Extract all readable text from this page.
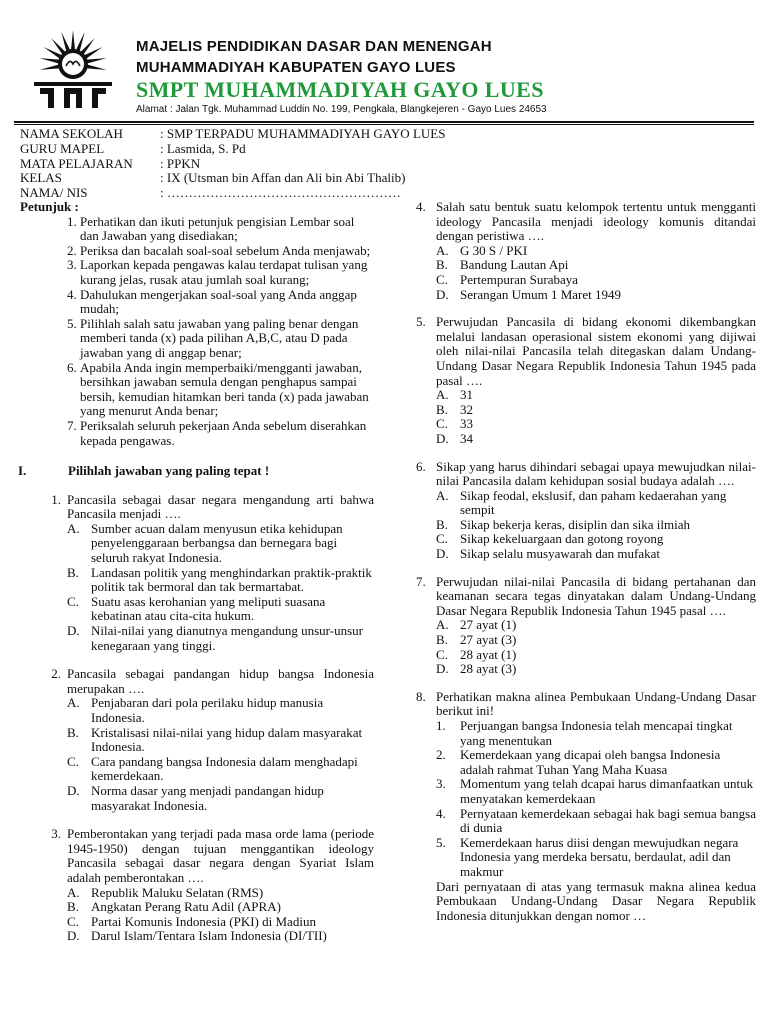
MAJELIS PENDIDIKAN DASAR DAN MENENGAH
MUHAMMADIYAH KABUPATEN GAYO LUES
SMPT MUHAMMADIYAH GAYO LUES
Alamat : Jalan Tgk. Muhammad Luddin No. 199, Pengkala, Blangkejeren - Gayo Lues 24653
NAMA SEKOLAH	: SMP TERPADU MUHAMMADIYAH GAYO LUES
GURU MAPEL	: Lasmida, S. Pd
MATA PELAJARAN	: PPKN
KELAS	: IX (Utsman bin Affan dan Ali bin Abi Thalib)
NAMA/ NIS	: ………………………………………………
Petunjuk :
1. Perhatikan dan ikuti petunjuk pengisian Lembar soal dan Jawaban yang disediakan;
2. Periksa dan bacalah soal-soal sebelum Anda menjawab;
3. Laporkan kepada pengawas kalau terdapat tulisan yang kurang jelas, rusak atau jumlah soal kurang;
4. Dahulukan mengerjakan soal-soal yang Anda anggap mudah;
5. Pilihlah salah satu jawaban yang paling benar dengan memberi tanda (x) pada pilihan A,B,C, atau D pada jawaban yang di anggap benar;
6. Apabila Anda ingin memperbaiki/mengganti jawaban, bersihkan jawaban semula dengan penghapus sampai bersih, kemudian hitamkan beri tanda (x) pada jawaban yang menurut Anda benar;
7. Periksalah seluruh pekerjaan Anda sebelum diserahkan kepada pengawas.
I.	Pilihlah jawaban yang paling tepat !
1. Pancasila sebagai dasar negara mengandung arti bahwa Pancasila menjadi ….
A. Sumber acuan dalam menyusun etika kehidupan penyelenggaraan berbangsa dan bernegara bagi seluruh rakyat Indonesia.
B. Landasan politik yang menghindarkan praktik-praktik politik tak bermoral dan tak bermartabat.
C. Suatu asas kerohanian yang meliputi suasana kebatinan atau cita-cita hukum.
D. Nilai-nilai yang dianutnya mengandung unsur-unsur kenegaraan yang tinggi.
2. Pancasila sebagai pandangan hidup bangsa Indonesia merupakan ….
A. Penjabaran dari pola perilaku hidup manusia Indonesia.
B. Kristalisasi nilai-nilai yang hidup dalam masyarakat Indonesia.
C. Cara pandang bangsa Indonesia dalam menghadapi kemerdekaan.
D. Norma dasar yang menjadi pandangan hidup masyarakat Indonesia.
3. Pemberontakan yang terjadi pada masa orde lama (periode 1945-1950) dengan tujuan menggantikan ideology Pancasila sebagai dasar negara dengan Syariat Islam adalah pemberontakan ….
A. Republik Maluku Selatan (RMS)
B. Angkatan Perang Ratu Adil (APRA)
C. Partai Komunis Indonesia (PKI) di Madiun
D. Darul Islam/Tentara Islam Indonesia (DI/TII)
4. Salah satu bentuk suatu kelompok tertentu untuk mengganti ideology Pancasila menjadi ideology komunis ditandai dengan peristiwa ….
A. G 30 S / PKI
B. Bandung Lautan Api
C. Pertempuran Surabaya
D. Serangan Umum 1 Maret 1949
5. Perwujudan Pancasila di bidang ekonomi dikembangkan melalui landasan operasional sistem ekonomi yang dijiwai oleh nilai-nilai Pancasila telah ditegaskan dalam Undang-Undang Dasar Negara Republik Indonesia Tahun 1945 pada pasal ….
A. 31
B. 32
C. 33
D. 34
6. Sikap yang harus dihindari sebagai upaya mewujudkan nilai-nilai Pancasila dalam kehidupan sosial budaya adalah ….
A. Sikap feodal, ekslusif, dan paham kedaerahan yang sempit
B. Sikap bekerja keras, disiplin dan sika ilmiah
C. Sikap kekeluargaan dan gotong royong
D. Sikap selalu musyawarah dan mufakat
7. Perwujudan nilai-nilai Pancasila di bidang pertahanan dan keamanan secara tegas dinyatakan dalam Undang-Undang Dasar Negara Republik Indonesia Tahun 1945 pasal ….
A. 27 ayat (1)
B. 27 ayat (3)
C. 28 ayat (1)
D. 28 ayat (3)
8. Perhatikan makna alinea Pembukaan Undang-Undang Dasar berikut ini!
1.	Perjuangan bangsa Indonesia telah mencapai tingkat yang menentukan
2.	Kemerdekaan yang dicapai oleh bangsa Indonesia adalah rahmat Tuhan Yang Maha Kuasa
3.	Momentum yang telah dcapai harus dimanfaatkan untuk menyatakan kemerdekaan
4.	Pernyataan kemerdekaan sebagai hak bagi semua bangsa di dunia
5.	Kemerdekaan harus diisi dengan mewujudkan negara Indonesia yang merdeka bersatu, berdaulat, adil dan makmur
Dari pernyataan di atas yang termasuk makna alinea kedua Pembukaan Undang-Undang Dasar Negara Republik Indonesia ditunjukkan dengan nomor …
